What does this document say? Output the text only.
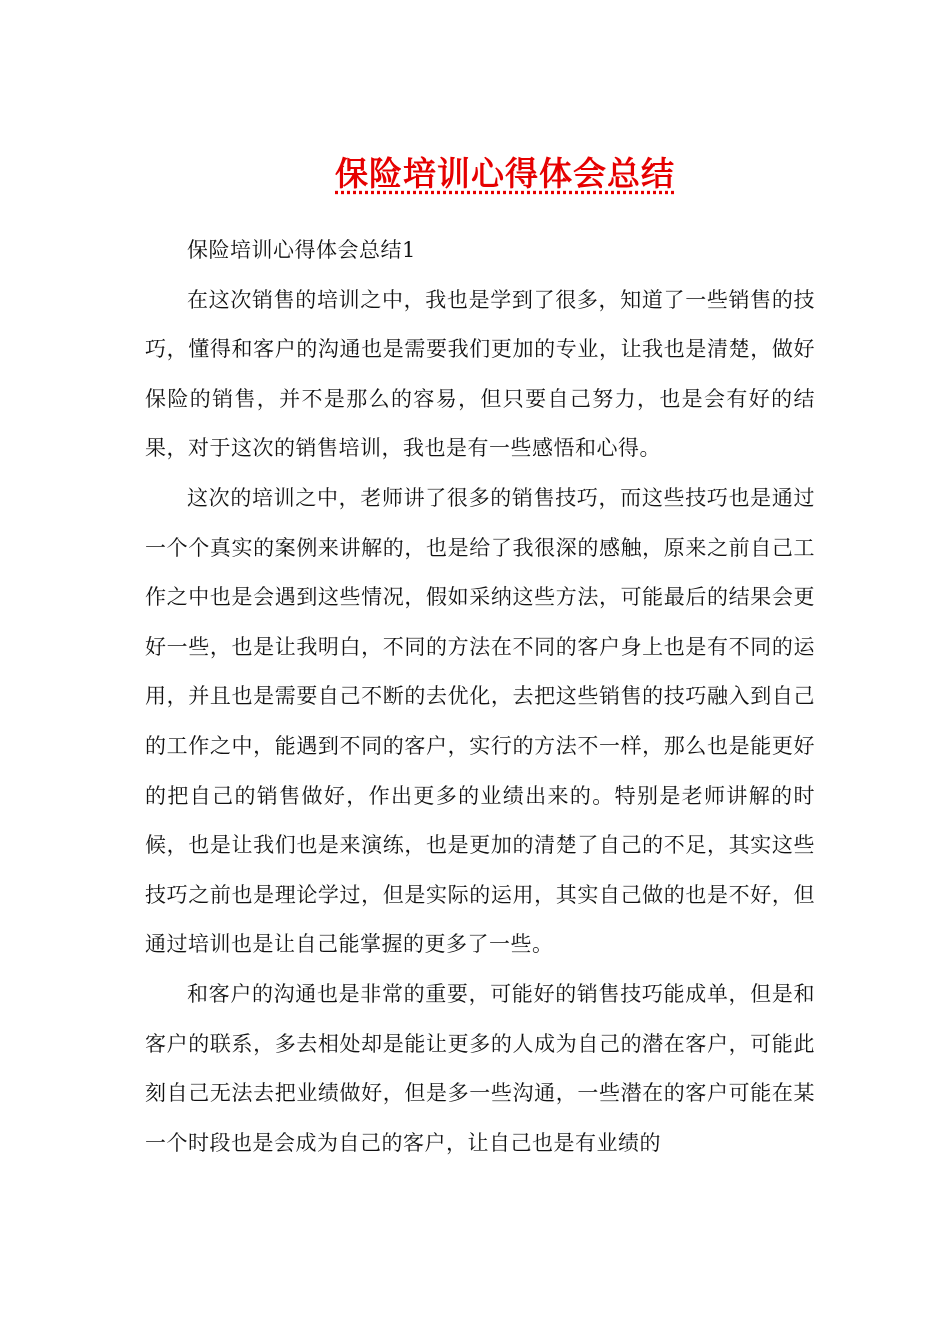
保险培训心得体会总结

保险培训心得体会总结1

在这次销售的培训之中，我也是学到了很多，知道了一些销售的技巧，懂得和客户的沟通也是需要我们更加的专业，让我也是清楚，做好保险的销售，并不是那么的容易，但只要自己努力，也是会有好的结果，对于这次的销售培训，我也是有一些感悟和心得。

这次的培训之中，老师讲了很多的销售技巧，而这些技巧也是通过一个个真实的案例来讲解的，也是给了我很深的感触，原来之前自己工作之中也是会遇到这些情况，假如采纳这些方法，可能最后的结果会更好一些，也是让我明白，不同的方法在不同的客户身上也是有不同的运用，并且也是需要自己不断的去优化，去把这些销售的技巧融入到自己的工作之中，能遇到不同的客户，实行的方法不一样，那么也是能更好的把自己的销售做好，作出更多的业绩出来的。特别是老师讲解的时候，也是让我们也是来演练，也是更加的清楚了自己的不足，其实这些技巧之前也是理论学过，但是实际的运用，其实自己做的也是不好，但通过培训也是让自己能掌握的更多了一些。

和客户的沟通也是非常的重要，可能好的销售技巧能成单，但是和客户的联系，多去相处却是能让更多的人成为自己的潜在客户，可能此刻自己无法去把业绩做好，但是多一些沟通，一些潜在的客户可能在某一个时段也是会成为自己的客户，让自己也是有业绩的
